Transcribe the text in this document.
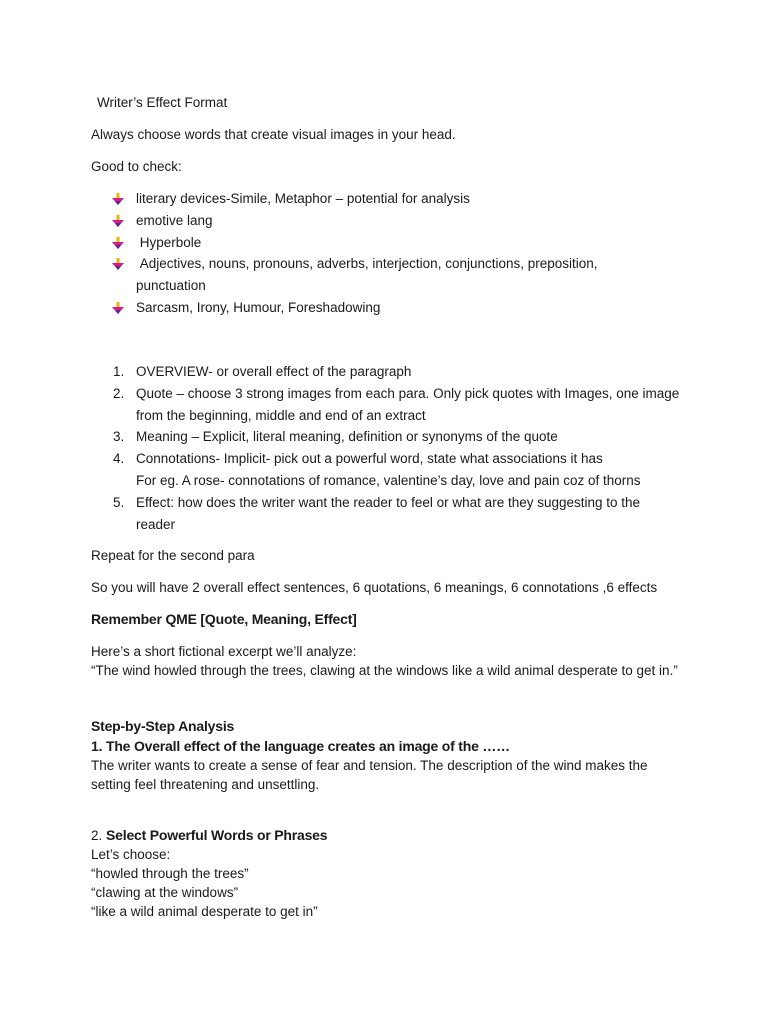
Writer’s Effect Format

Always choose words that create visual images in your head.

Good to check:

literary devices-Simile, Metaphor – potential for analysis
emotive lang
Hyperbole
Adjectives, nouns, pronouns, adverbs, interjection, conjunctions, preposition, punctuation
Sarcasm, Irony, Humour, Foreshadowing
1. OVERVIEW- or overall effect of the paragraph
2. Quote – choose 3 strong images from each para. Only pick quotes with Images, one image from the beginning, middle and end of an extract
3. Meaning – Explicit, literal meaning, definition or synonyms of the quote
4. Connotations- Implicit- pick out a powerful word, state what associations it has
For eg. A rose- connotations of romance, valentine’s day, love and pain coz of thorns
5. Effect: how does the writer want the reader to feel or what are they suggesting to the reader

Repeat for the second para

So you will have 2 overall effect sentences, 6 quotations, 6 meanings, 6 connotations ,6 effects

Remember QME [Quote, Meaning, Effect]

Here’s a short fictional excerpt we’ll analyze:

“The wind howled through the trees, clawing at the windows like a wild animal desperate to get in.”

Step-by-Step Analysis

1. The Overall effect of the language creates an image of the ……

The writer wants to create a sense of fear and tension. The description of the wind makes the setting feel threatening and unsettling.

2. Select Powerful Words or Phrases

Let’s choose:

“howled through the trees”

“clawing at the windows”

“like a wild animal desperate to get in”
